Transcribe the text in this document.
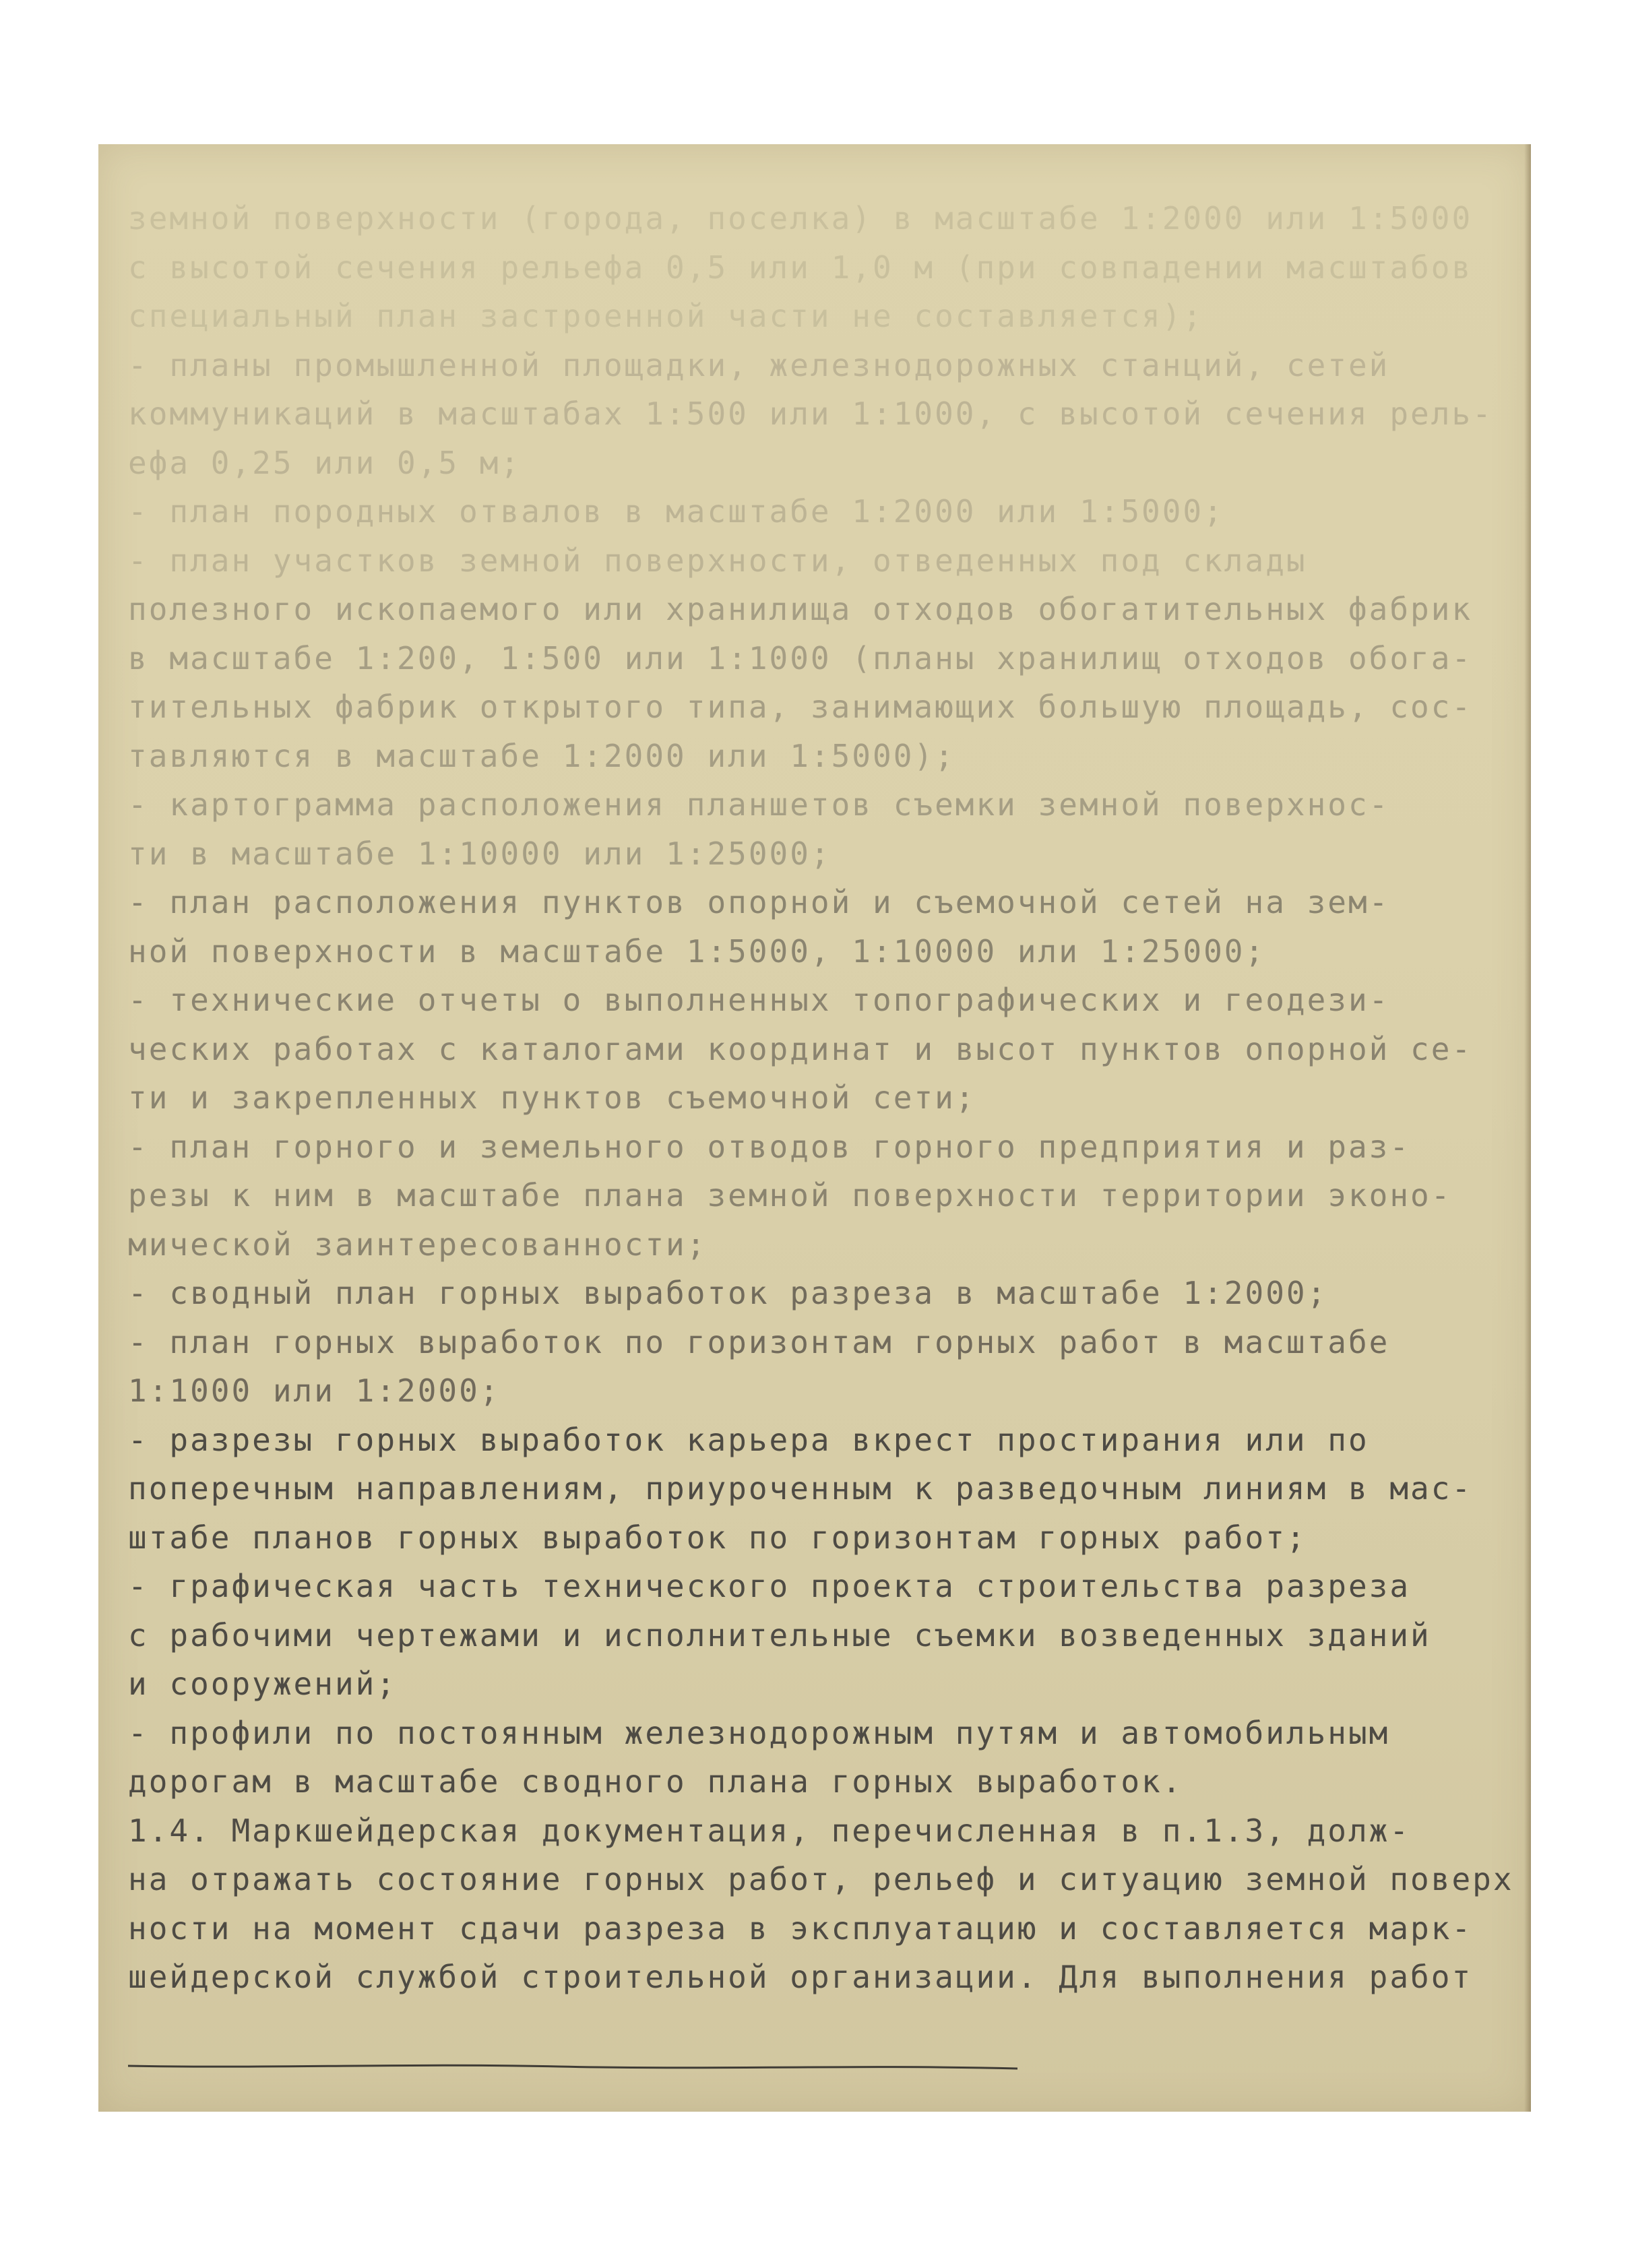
земной поверхности (города, поселка) в масштабе 1:2000 или 1:5000
с высотой сечения рельефа 0,5 или 1,0 м (при совпадении масштабов
специальный план застроенной части не составляется);
- планы промышленной площадки, железнодорожных станций, сетей
коммуникаций в масштабах 1:500 или 1:1000, с высотой сечения рель-
ефа 0,25 или 0,5 м;
- план породных отвалов в масштабе 1:2000 или 1:5000;
- план участков земной поверхности, отведенных под склады
полезного ископаемого или хранилища отходов обогатительных фабрик
в масштабе 1:200, 1:500 или 1:1000 (планы хранилищ отходов обога-
тительных фабрик открытого типа, занимающих большую площадь, сос-
тавляются в масштабе 1:2000 или 1:5000);
- картограмма расположения планшетов съемки земной поверхнос-
ти в масштабе 1:10000 или 1:25000;
- план расположения пунктов опорной и съемочной сетей на зем-
ной поверхности в масштабе 1:5000, 1:10000 или 1:25000;
- технические отчеты о выполненных топографических и геодези-
ческих работах с каталогами координат и высот пунктов опорной се-
ти и закрепленных пунктов съемочной сети;
- план горного и земельного отводов горного предприятия и раз-
резы к ним в масштабе плана земной поверхности территории эконо-
мической заинтересованности;
- сводный план горных выработок разреза в масштабе 1:2000;
- план горных выработок по горизонтам горных работ в масштабе
1:1000 или 1:2000;
- разрезы горных выработок карьера вкрест простирания или по
поперечным направлениям, приуроченным к разведочным линиям в мас-
штабе планов горных выработок по горизонтам горных работ;
- графическая часть технического проекта строительства разреза
с рабочими чертежами и исполнительные съемки возведенных зданий
и сооружений;
- профили по постоянным железнодорожным путям и автомобильным
дорогам в масштабе сводного плана горных выработок.
1.4. Маркшейдерская документация, перечисленная в п.1.3, долж-
на отражать состояние горных работ, рельеф и ситуацию земной поверх
ности на момент сдачи разреза в эксплуатацию и составляется марк-
шейдерской службой строительной организации. Для выполнения работ
